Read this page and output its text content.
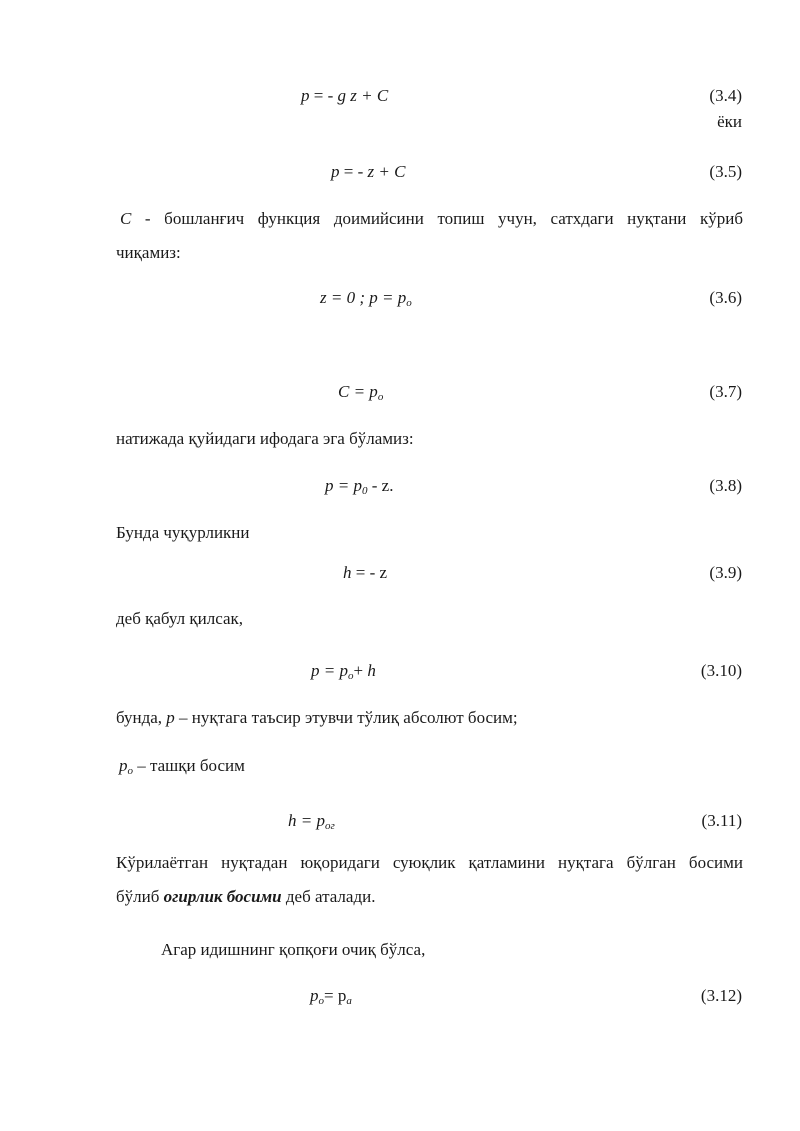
p = - g z + C	(3.4)
ёки
p = - z + C	(3.5)
C - бошланғич функция доимийсини топиш учун, сатхдаги нуқтани кўриб
чиқамиз:
z = 0 ; $p = p_o$	(3.6)
$C = p_o$	(3.7)
натижада қуйидаги ифодага эга бўламиз:
$p = p_0 - z$.	(3.8)
Бунда чуқурликни
h = - z	(3.9)
деб қабул қилсак,
$p = p_o+ h$	(3.10)
бунда, p – нуқтага таъсир этувчи тўлиқ абсолют босим;
$p_o$ – ташқи босим
$h = p_{oг}$	(3.11)
Кўрилаётган нуқтадан юқоридаги суюқлик қатламини нуқтага бўлган босими
бўлиб огирлик босими деб аталади.
Агар идишнинг қопқоғи очиқ бўлса,
$p_o= p_a$	(3.12)
